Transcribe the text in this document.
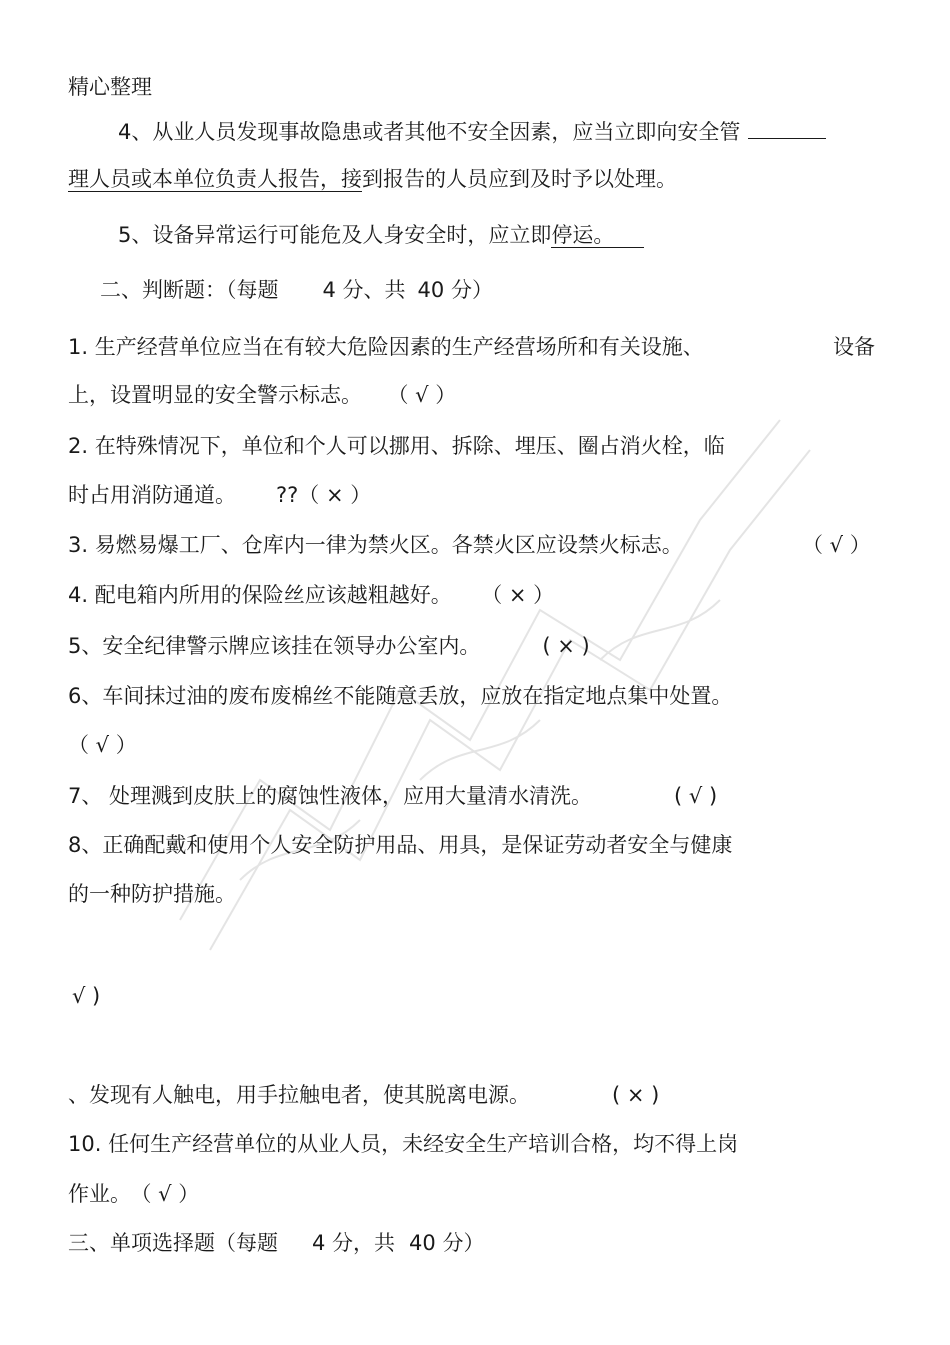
精心整理
4、从业人员发现事故隐患或者其他不安全因素，应当立即向安全管
理人员或本单位负责人报告，接到报告的人员应到及时予以处理。
5、设备异常运行可能危及人身安全时，应立即停运。
二、判断题：（每题 4 分、共 40 分）
1. 生产经营单位应当在有较大危险因素的生产经营场所和有关设施、	设备
上，设置明显的安全警示标志。 （ √ ）
2. 在特殊情况下，单位和个人可以挪用、拆除、埋压、圈占消火栓，临
时占用消防通道。 ??（ × ）
3. 易燃易爆工厂、仓库内一律为禁火区。各禁火区应设禁火标志。	（ √ ）
4. 配电箱内所用的保险丝应该越粗越好。 （ × ）
5、安全纪律警示牌应该挂在领导办公室内。	( × )
6、车间抹过油的废布废棉丝不能随意丢放，应放在指定地点集中处置。
（ √ ）
7、 处理溅到皮肤上的腐蚀性液体，应用大量清水清洗。	( √ )
8、正确配戴和使用个人安全防护用品、用具，是保证劳动者安全与健康
的一种防护措施。
√ )
、发现有人触电，用手拉触电者，使其脱离电源。	( × )
10. 任何生产经营单位的从业人员，未经安全生产培训合格，均不得上岗
作业。 （ √ ）
三、单项选择题（每题 4 分，共 40 分）
